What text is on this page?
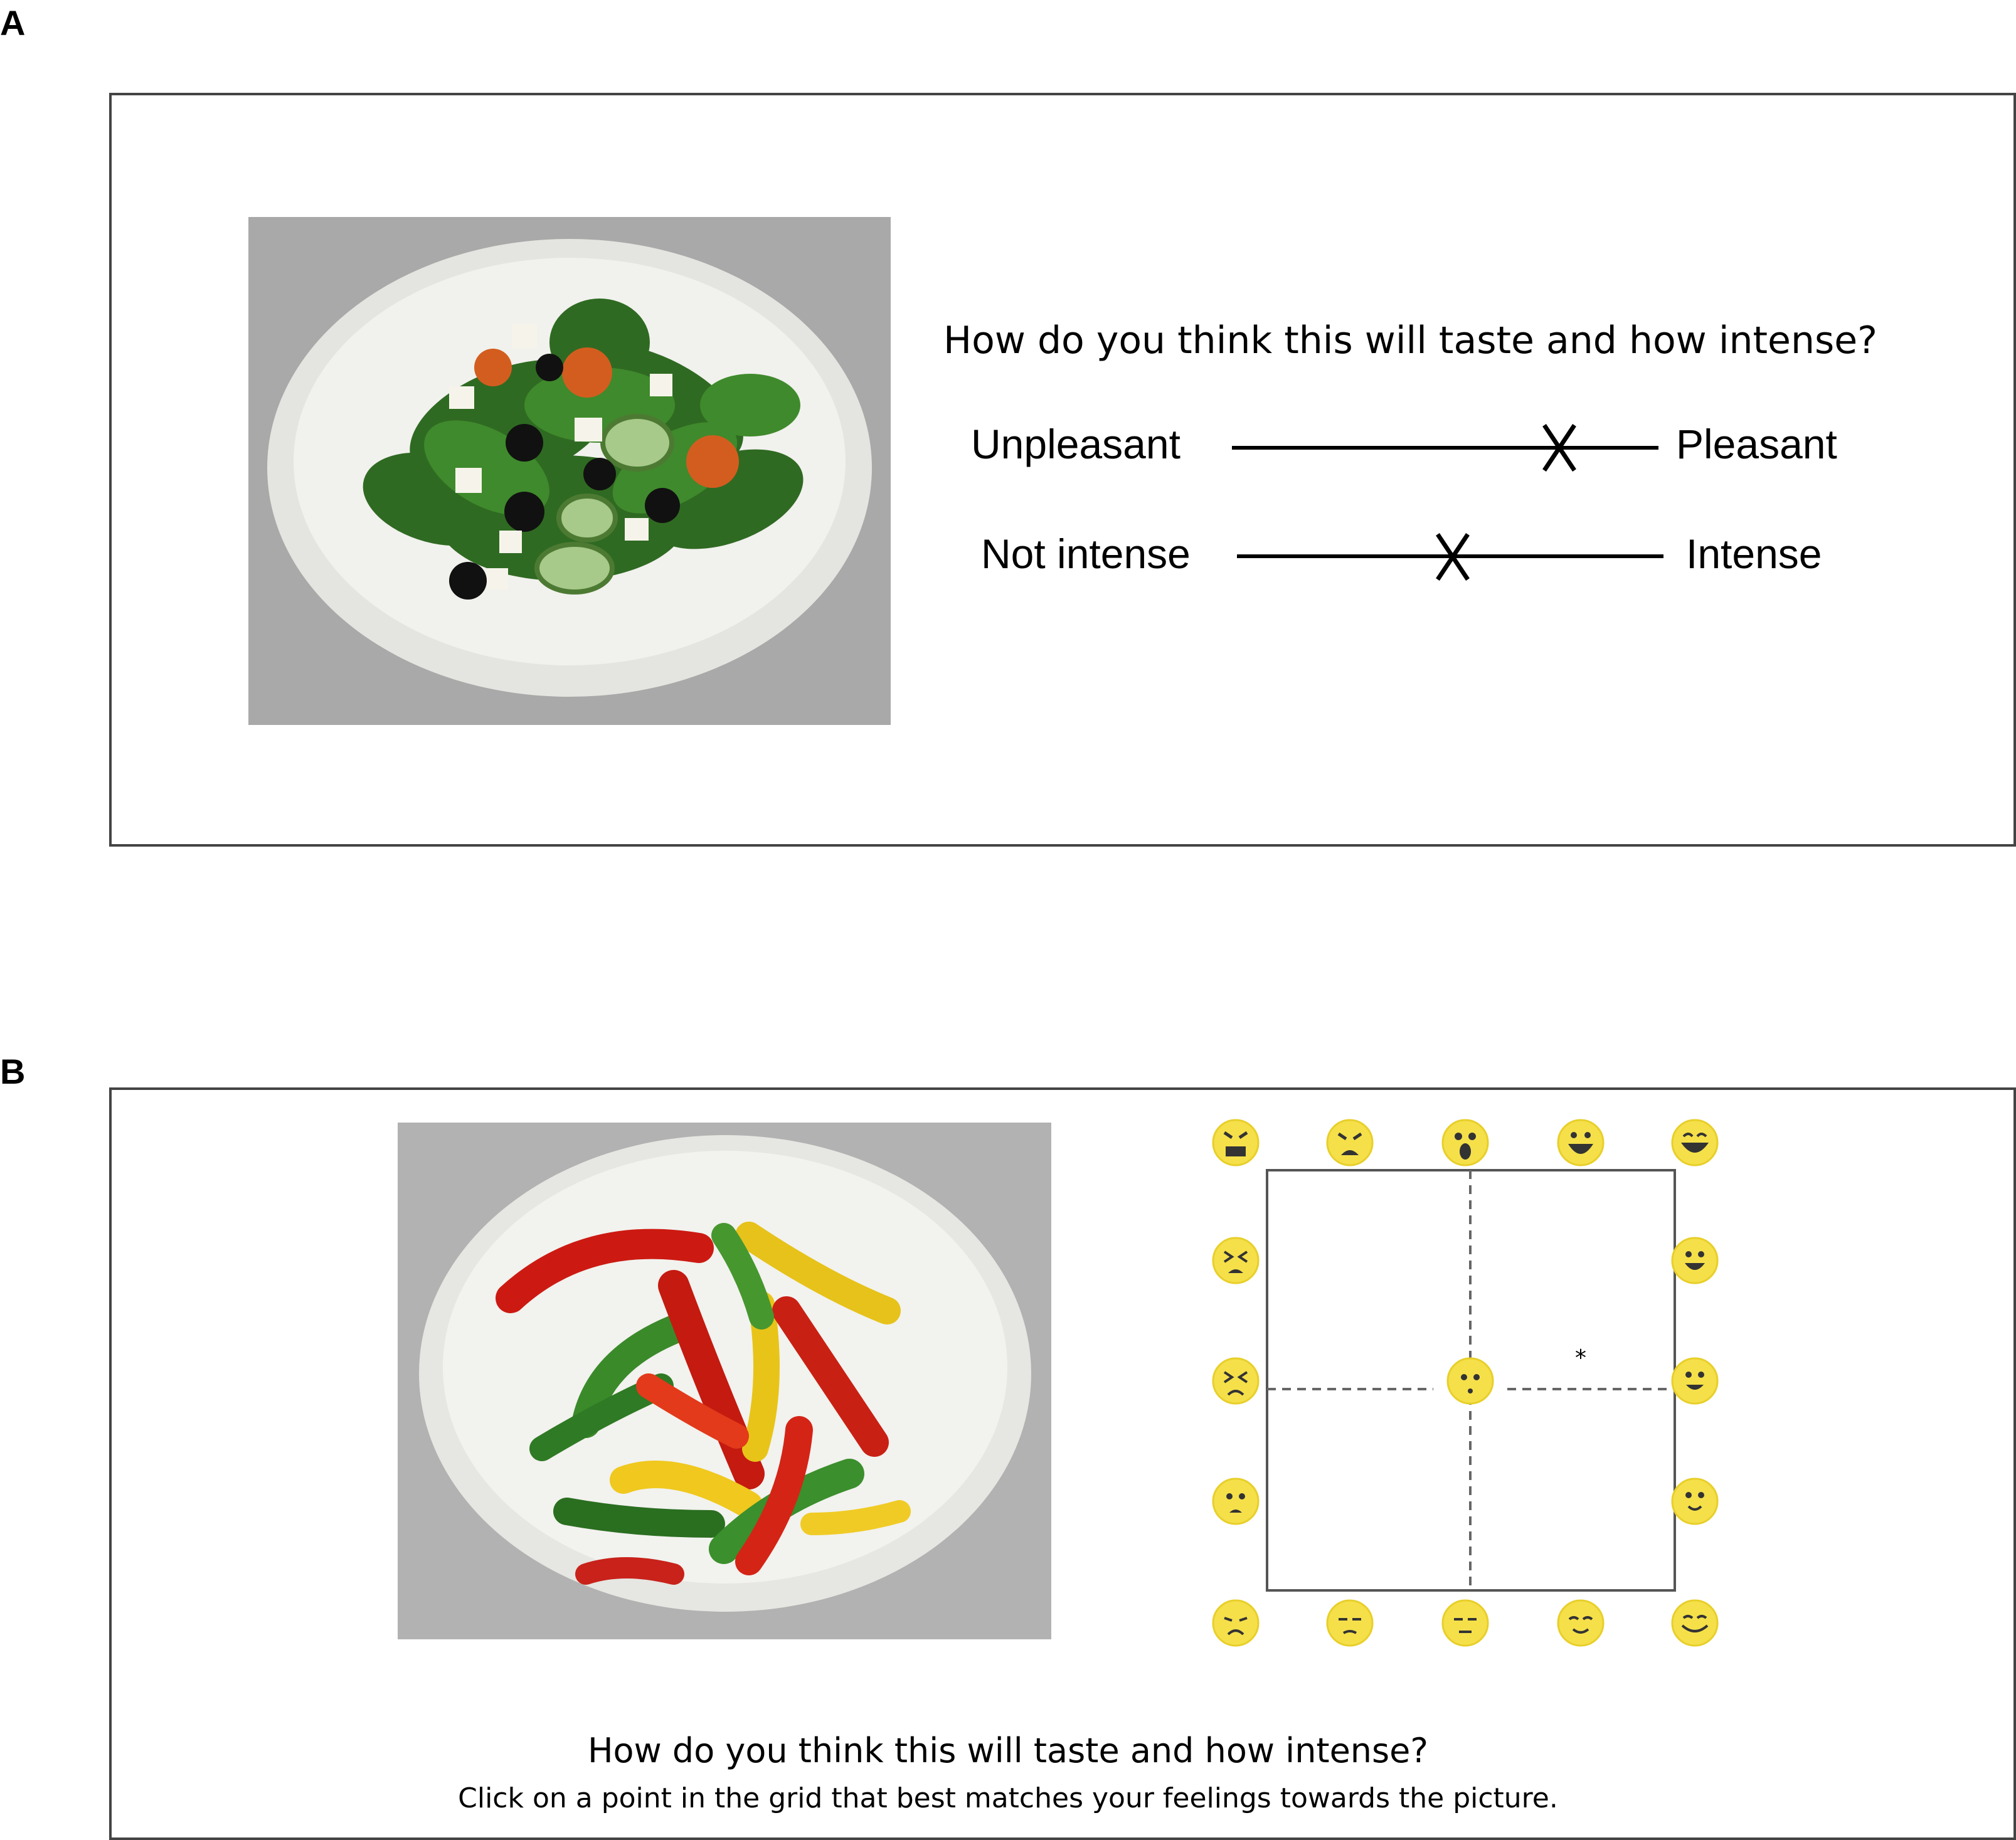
A
How do you think this will taste and how intense?
Unpleasant	Pleasant
Not intense	Intense
B
*
How do you think this will taste and how intense?
Click on a point in the grid that best matches your feelings towards the picture.
